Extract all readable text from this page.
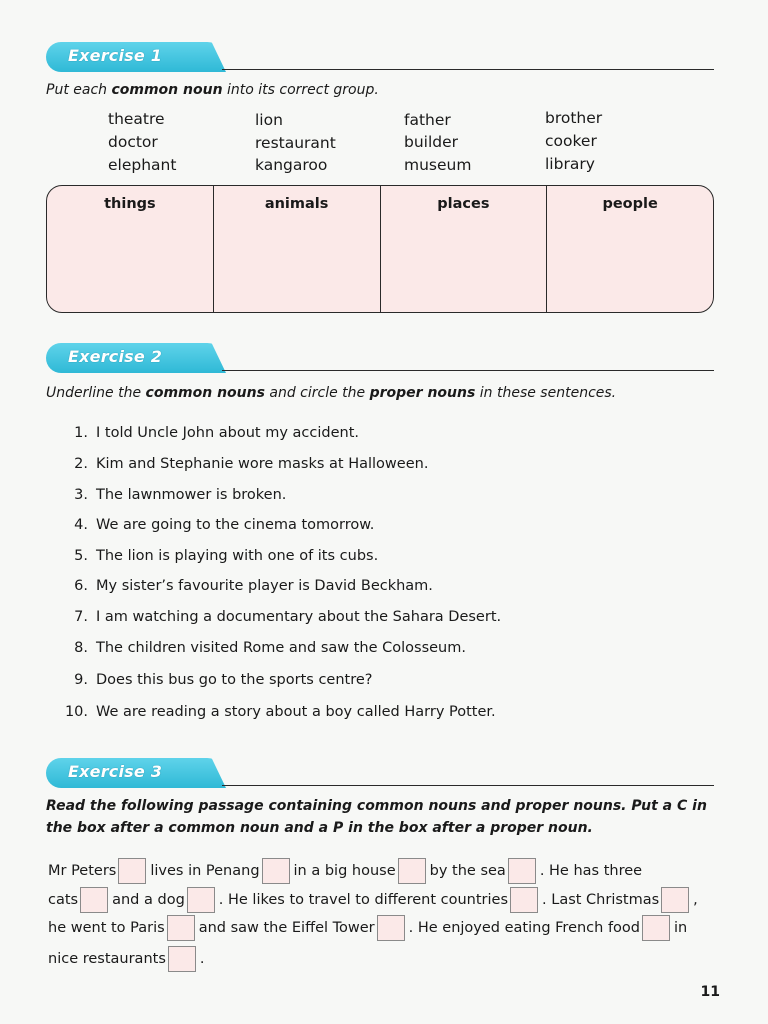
Exercise 1
Put each common noun into its correct group.
theatre	lion	father	brother
doctor	restaurant	builder	cooker
elephant	kangaroo	museum	library
things	animals	places	people
Exercise 2
Underline the common nouns and circle the proper nouns in these sentences.
1. I told Uncle John about my accident.
2. Kim and Stephanie wore masks at Halloween.
3. The lawnmower is broken.
4. We are going to the cinema tomorrow.
5. The lion is playing with one of its cubs.
6. My sister’s favourite player is David Beckham.
7. I am watching a documentary about the Sahara Desert.
8. The children visited Rome and saw the Colosseum.
9. Does this bus go to the sports centre?
10. We are reading a story about a boy called Harry Potter.
Exercise 3
Read the following passage containing common nouns and proper nouns. Put a C in
the box after a common noun and a P in the box after a proper noun.
Mr Peters lives in Penang in a big house by the sea . He has three
cats and a dog . He likes to travel to different countries . Last Christmas ,
he went to Paris and saw the Eiffel Tower . He enjoyed eating French food in
nice restaurants .
11
